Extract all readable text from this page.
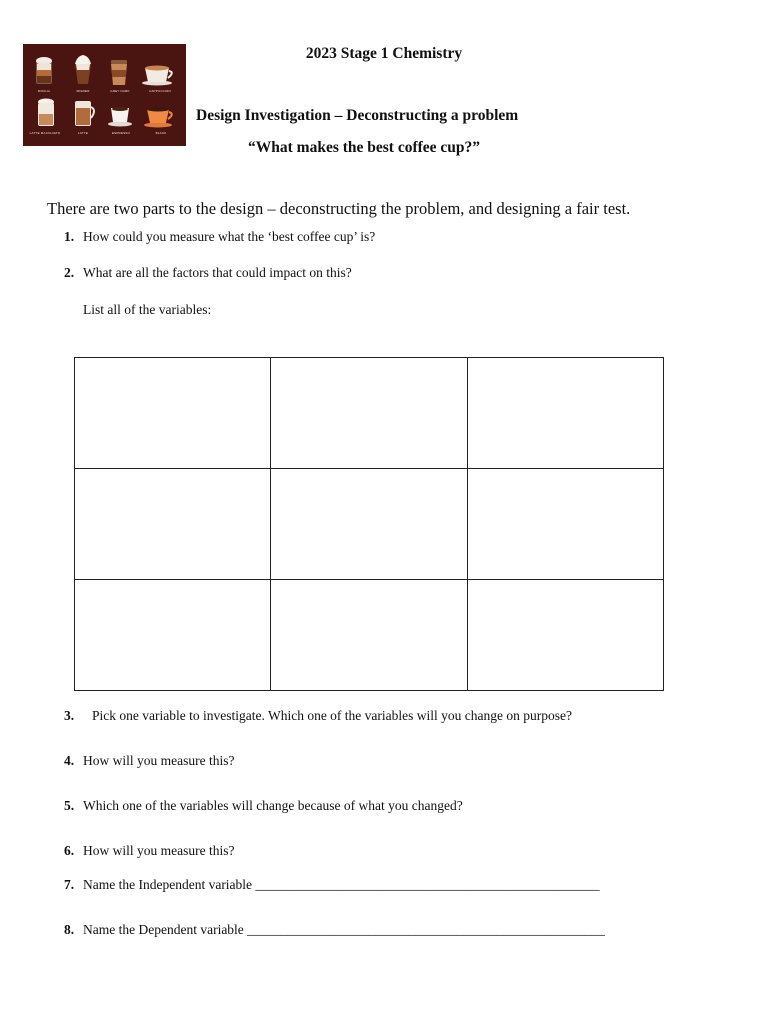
MOCHA	WIENER	GREY DARK	CAPPUCCINO
LATTE MACCHIATO	LATTE	ESPRESSO	BLACK
2023 Stage 1 Chemistry
Design Investigation – Deconstructing a problem
“What makes the best coffee cup?”
There are two parts to the design – deconstructing the problem, and designing a fair test.
1. How could you measure what the ‘best coffee cup’ is?
2. What are all the factors that could impact on this?
List all of the variables:

3. Pick one variable to investigate. Which one of the variables will you change on purpose?
4. How will you measure this?
5. Which one of the variables will change because of what you changed?
6. How will you measure this?
7. Name the Independent variable ___________________________________________________
8. Name the Dependent variable _____________________________________________________
